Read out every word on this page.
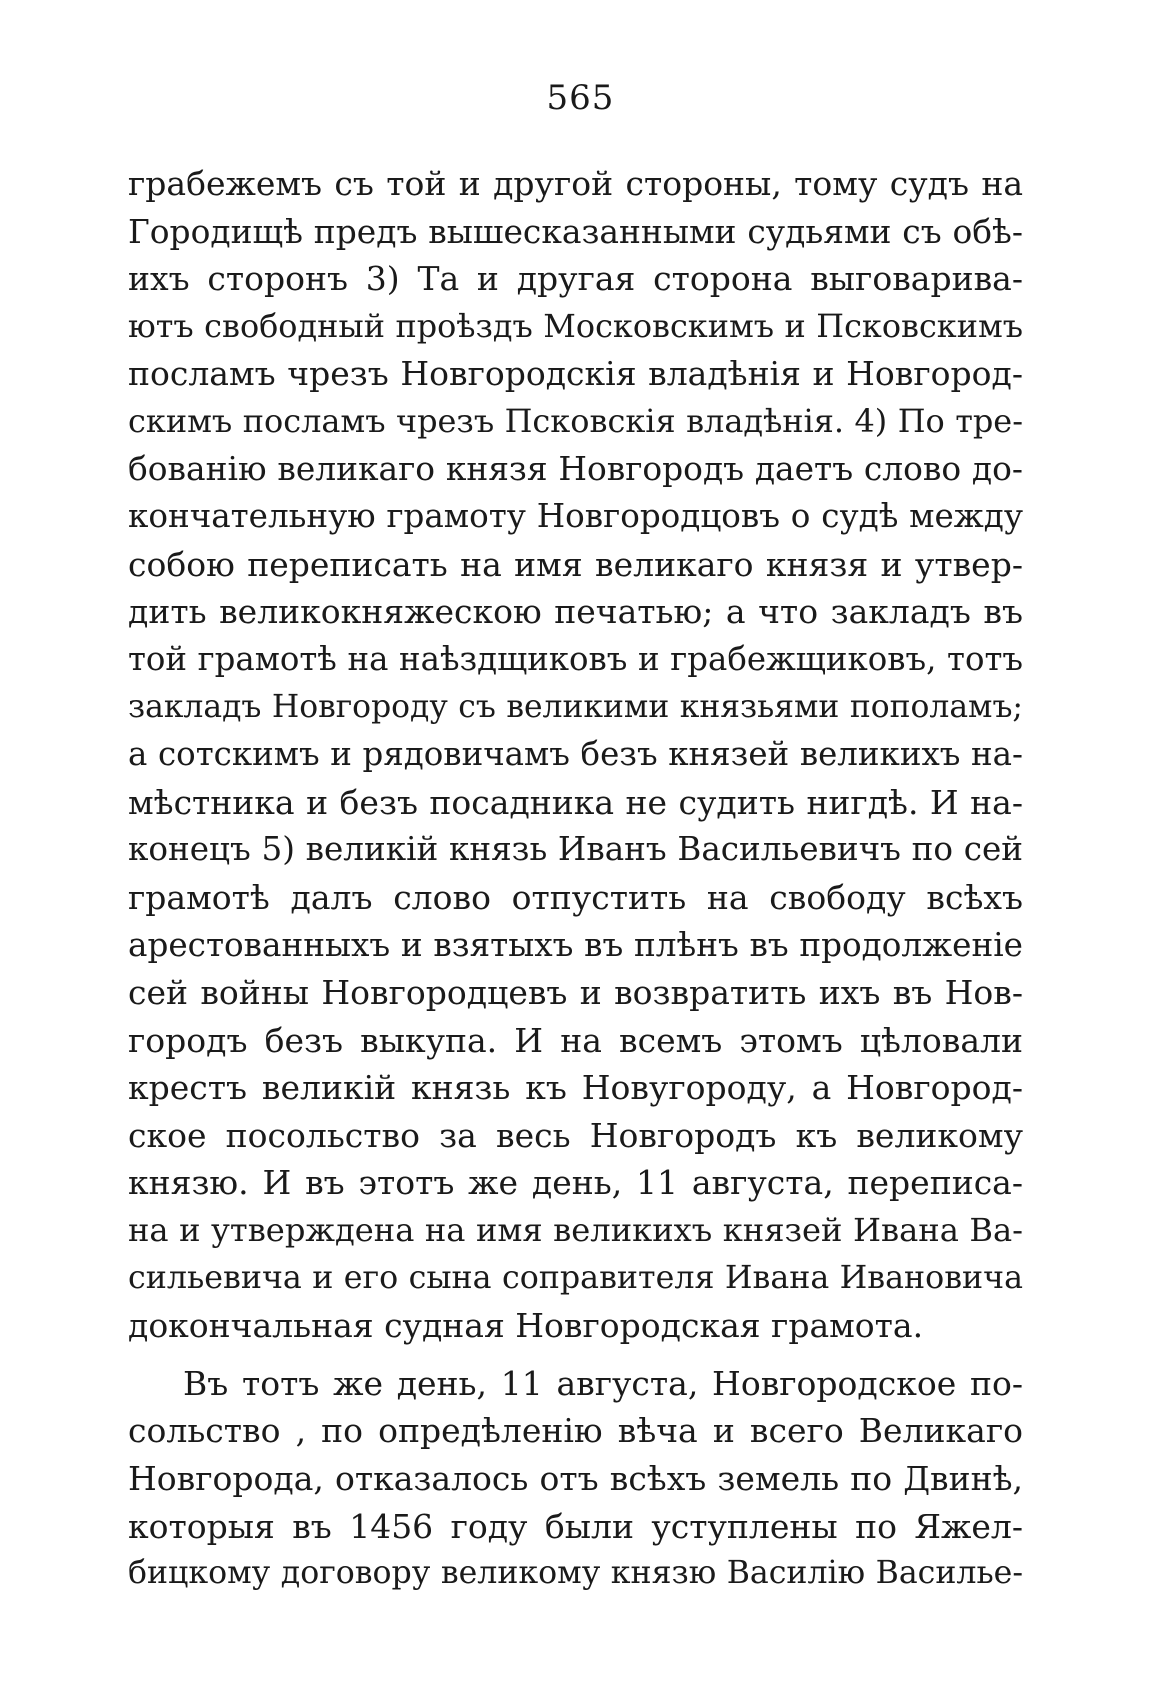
565
грабежемъ съ той и другой стороны, тому судъ на
Городищѣ предъ вышесказанными судьями съ обѣ-
ихъ сторонъ 3) Та и другая сторона выговарива-
ютъ свободный проѣздъ Московскимъ и Псковскимъ
посламъ чрезъ Новгородскія владѣнія и Новгород-
скимъ посламъ чрезъ Псковскія владѣнія. 4) По тре-
бованію великаго князя Новгородъ даетъ слово до-
кончательную грамоту Новгородцовъ о судѣ между
собою переписать на имя великаго князя и утвер-
дить великокняжескою печатью; а что закладъ въ
той грамотѣ на наѣздщиковъ и грабежщиковъ, тотъ
закладъ Новгороду съ великими князьями пополамъ;
а сотскимъ и рядовичамъ безъ князей великихъ на-
мѣстника и безъ посадника не судить нигдѣ. И на-
конецъ 5) великій князь Иванъ Васильевичъ по сей
грамотѣ далъ слово отпустить на свободу всѣхъ
арестованныхъ и взятыхъ въ плѣнъ въ продолженіе
сей войны Новгородцевъ и возвратить ихъ въ Нов-
городъ безъ выкупа. И на всемъ этомъ цѣловали
крестъ великій князь къ Новугороду, а Новгород-
ское посольство за весь Новгородъ къ великому
князю. И въ этотъ же день, 11 августа, переписа-
на и утверждена на имя великихъ князей Ивана Ва-
сильевича и его сына соправителя Ивана Ивановича
докончальная судная Новгородская грамота.
Въ тотъ же день, 11 августа, Новгородское по-
сольство , по опредѣленію вѣча и всего Великаго
Новгорода, отказалось отъ всѣхъ земель по Двинѣ,
которыя въ 1456 году были уступлены по Яжел-
бицкому договору великому князю Василію Василье-
